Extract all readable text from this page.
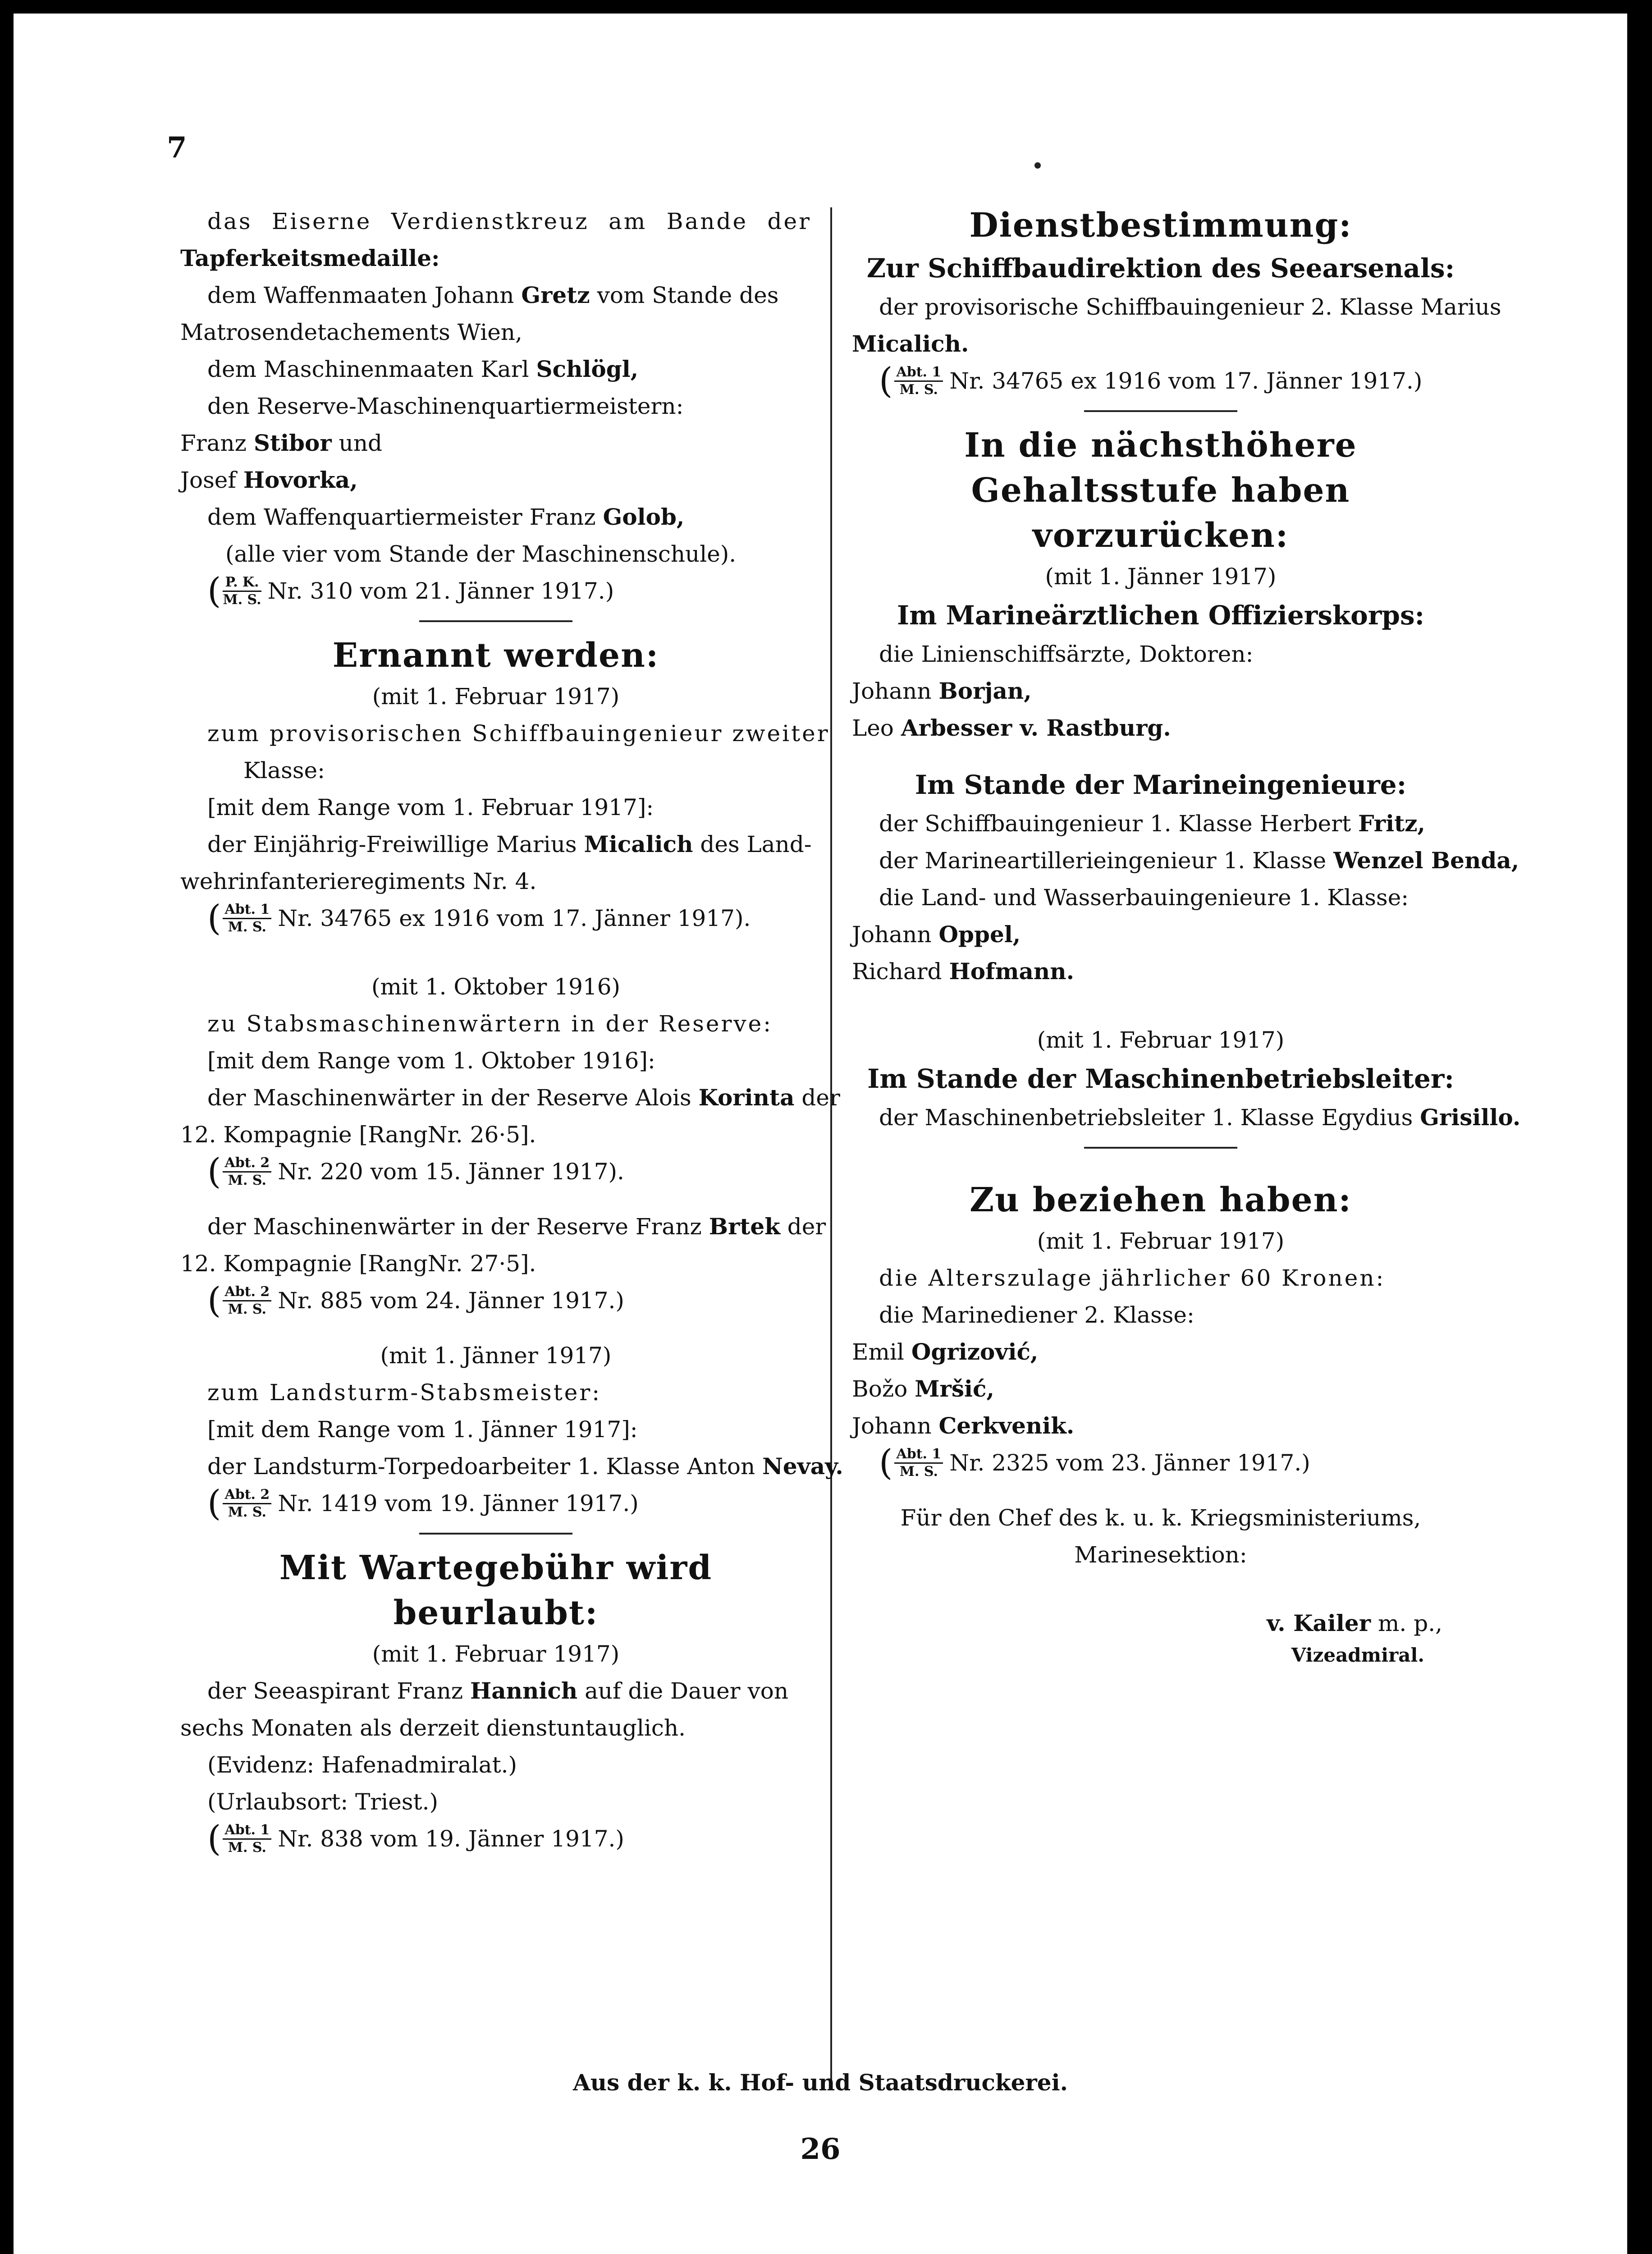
7
das Eiserne Verdienstkreuz am Bande der
Tapferkeitsmedaille:
dem Waffenmaaten Johann Gretz vom Stande des
Matrosendetachements Wien,
dem Maschinenmaaten Karl Schlögl,
den Reserve-Maschinenquartiermeistern:
Franz Stibor und
Josef Hovorka,
dem Waffenquartiermeister Franz Golob,
(alle vier vom Stande der Maschinenschule).
( $\frac{P. K.}{M. S.} Nr$. 310 vom 21. Jänner 1917.)
Ernannt werden:
(mit 1. Februar 1917)
zum provisorischen Schiffbauingenieur zweiter
Klasse:
[mit dem Range vom 1. Februar 1917]:
der Einjährig-Freiwillige Marius Micalich des Land-
wehrinfanterieregiments Nr. 4.
( $\frac{\text{Abt. 1}}{M. S.} Nr$. 34765 ex 1916 vom 17. Jänner 1917).
(mit 1. Oktober 1916)
zu Stabsmaschinenwärtern in der Reserve:
[mit dem Range vom 1. Oktober 1916]:
der Maschinenwärter in der Reserve Alois Korinta der
12. Kompagnie [RangNr. 26·5].
( $\frac{\text{Abt. 2}}{M. S.} Nr$. 220 vom 15. Jänner 1917).
der Maschinenwärter in der Reserve Franz Brtek der
12. Kompagnie [RangNr. 27·5].
( $\frac{\text{Abt. 2}}{M. S.} Nr$. 885 vom 24. Jänner 1917.)
(mit 1. Jänner 1917)
zum Landsturm-Stabsmeister:
[mit dem Range vom 1. Jänner 1917]:
der Landsturm-Torpedoarbeiter 1. Klasse Anton Nevay.
( $\frac{\text{Abt. 2}}{M. S.} Nr$. 1419 vom 19. Jänner 1917.)
Mit Wartegebühr wird beurlaubt:
(mit 1. Februar 1917)
der Seeaspirant Franz Hannich auf die Dauer von
sechs Monaten als derzeit dienstuntauglich.
(Evidenz: Hafenadmiralat.)
(Urlaubsort: Triest.)
( $\frac{\text{Abt. 1}}{M. S.} Nr$. 838 vom 19. Jänner 1917.)
Dienstbestimmung:
Zur Schiffbaudirektion des Seearsenals:
der provisorische Schiffbauingenieur 2. Klasse Marius
Micalich.
( $\frac{\text{Abt. 1}}{M. S.} Nr$. 34765 ex 1916 vom 17. Jänner 1917.)
In die nächsthöhere Gehaltsstufe haben
vorzurücken:
(mit 1. Jänner 1917)
Im Marineärztlichen Offizierskorps:
die Linienschiffsärzte, Doktoren:
Johann Borjan,
Leo Arbesser v. Rastburg.
Im Stande der Marineingenieure:
der Schiffbauingenieur 1. Klasse Herbert Fritz,
der Marineartillerieingenieur 1. Klasse Wenzel Benda,
die Land- und Wasserbauingenieure 1. Klasse:
Johann Oppel,
Richard Hofmann.
(mit 1. Februar 1917)
Im Stande der Maschinenbetriebsleiter:
der Maschinenbetriebsleiter 1. Klasse Egydius Grisillo.
Zu beziehen haben:
(mit 1. Februar 1917)
die Alterszulage jährlicher 60 Kronen:
die Marinediener 2. Klasse:
Emil Ogrizović,
Božo Mršić,
Johann Cerkvenik.
( $\frac{\text{Abt. 1}}{M. S.} Nr$. 2325 vom 23. Jänner 1917.)
Für den Chef des k. u. k. Kriegsministeriums,
Marinesektion:
v. Kailer m. p.,
Vizeadmiral.
Aus der k. k. Hof- und Staatsdruckerei.
26
